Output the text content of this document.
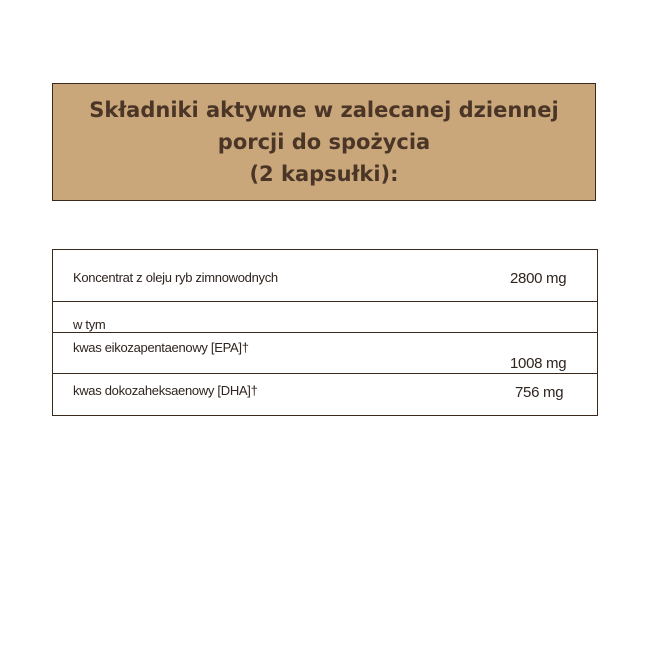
Składniki aktywne w zalecanej dziennej
porcji do spożycia
(2 kapsułki):
Koncentrat z oleju ryb zimnowodnych	2800 mg
w tym
kwas eikozapentaenowy [EPA]†
1008 mg
kwas dokozaheksaenowy [DHA]†	756 mg
